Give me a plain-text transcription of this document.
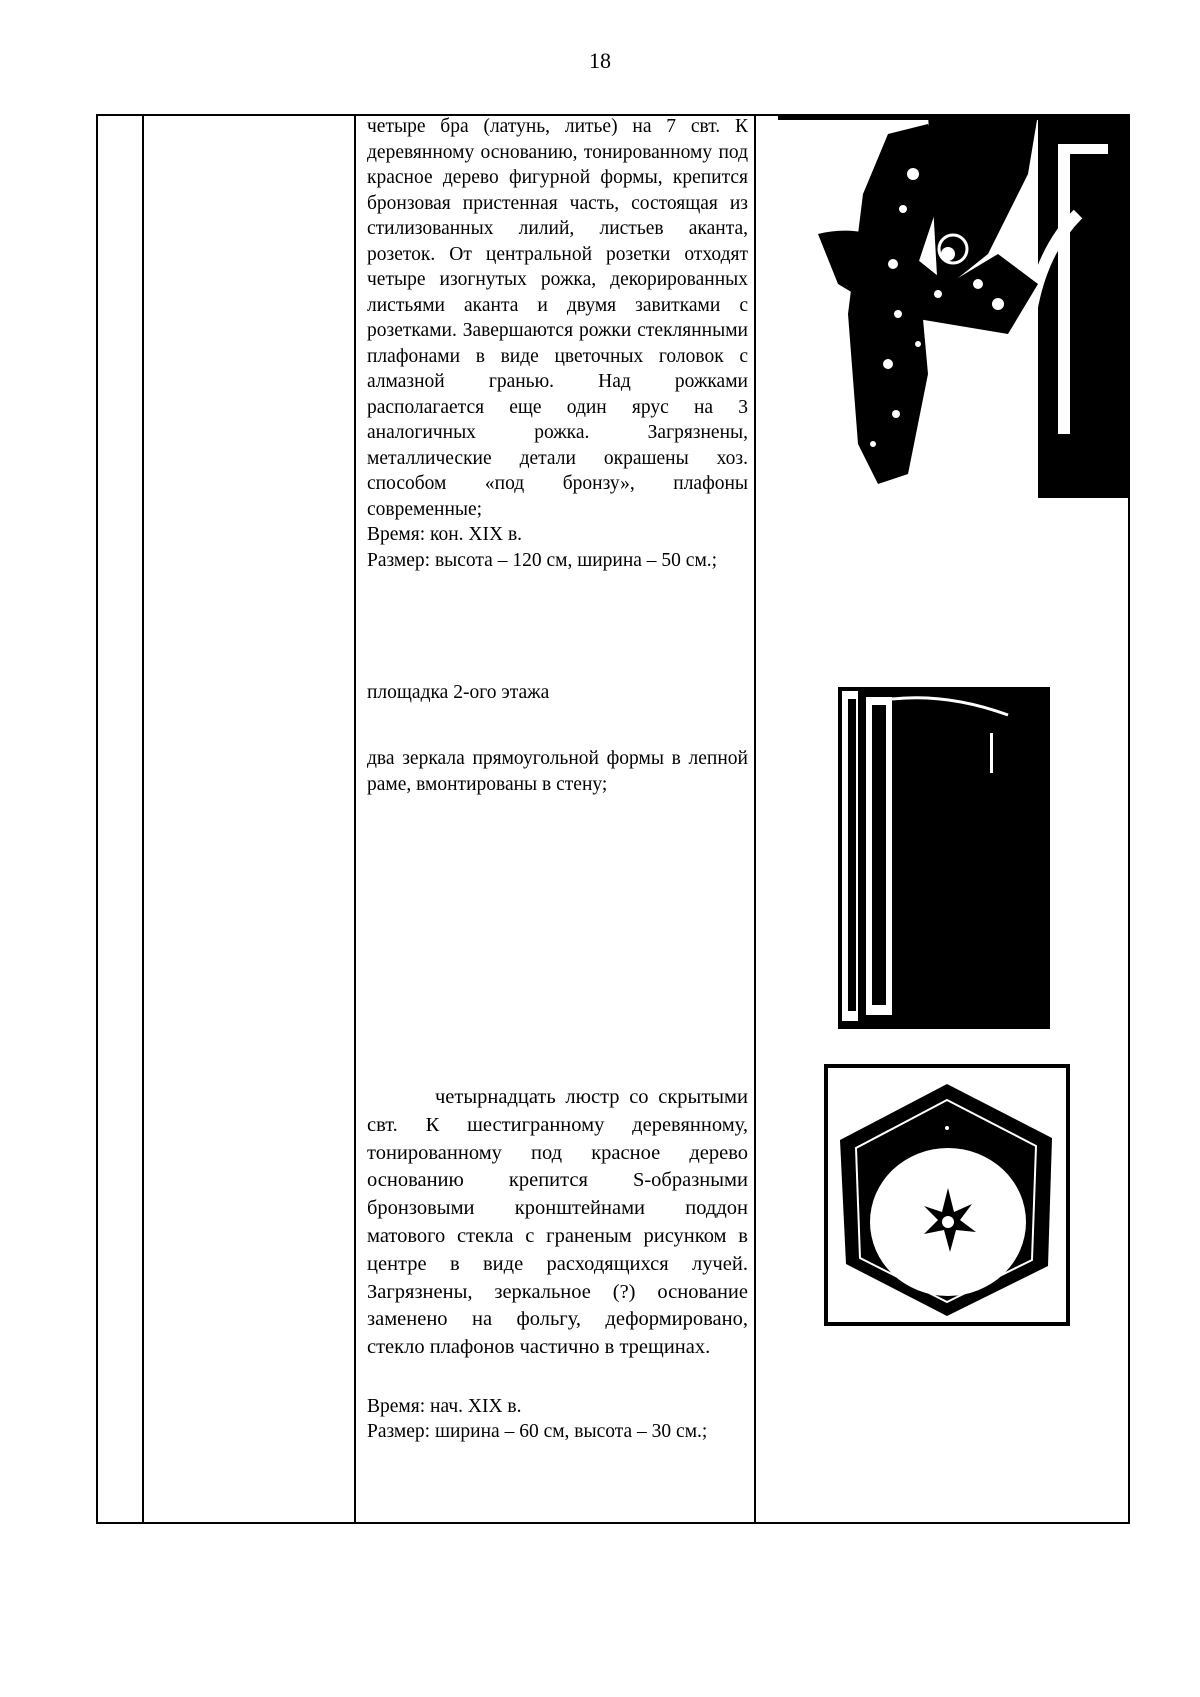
18

четыре бра (латунь, литье) на 7 свт. К деревянному основанию, тонированному под красное дерево фигурной формы, крепится бронзовая пристенная часть, состоящая из стилизованных лилий, листьев аканта, розеток. От центральной розетки отходят четыре изогнутых рожка, декорированных листьями аканта и двумя завитками с розетками. Завершаются рожки стеклянными плафонами в виде цветочных головок с алмазной гранью. Над рожками располагается еще один ярус на 3 аналогичных рожка. Загрязнены, металлические детали окрашены хоз. способом «под бронзу», плафоны современные;

Время: кон. XIX в.

Размер: высота – 120 см, ширина – 50 см.;

площадка 2-ого этажа

два зеркала прямоугольной формы в лепной раме, вмонтированы в стену;

четырнадцать люстр со скрытыми свт. К шестигранному деревянному, тонированному под красное дерево основанию крепится S-образными бронзовыми кронштейнами поддон матового стекла с граненым рисунком в центре в виде расходящихся лучей. Загрязнены, зеркальное (?) основание заменено на фольгу, деформировано, стекло плафонов частично в трещинах.
Время: нач. XIX в.
Размер: ширина – 60 см, высота – 30 см.;
